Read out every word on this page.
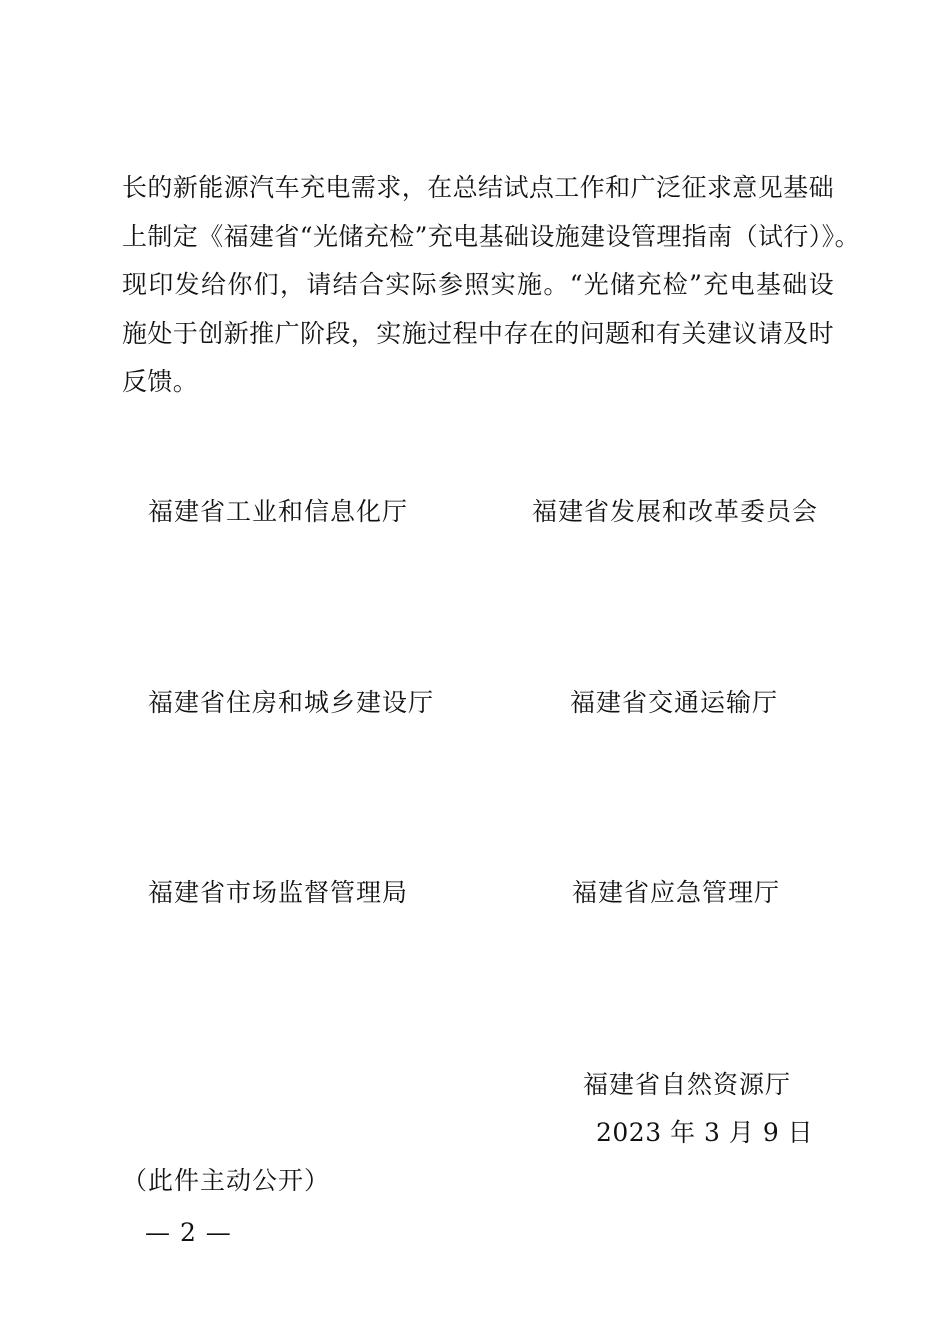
长的新能源汽车充电需求，在总结试点工作和广泛征求意见基础
上制定《福建省“光储充检”充电基础设施建设管理指南（试行）》。
现印发给你们，请结合实际参照实施。“光储充检”充电基础设
施处于创新推广阶段，实施过程中存在的问题和有关建议请及时
反馈。
福建省工业和信息化厅	福建省发展和改革委员会
福建省住房和城乡建设厅	福建省交通运输厅
福建省市场监督管理局	福建省应急管理厅
福建省自然资源厅
2023 年 3 月 9 日
（此件主动公开）
— 2 —
